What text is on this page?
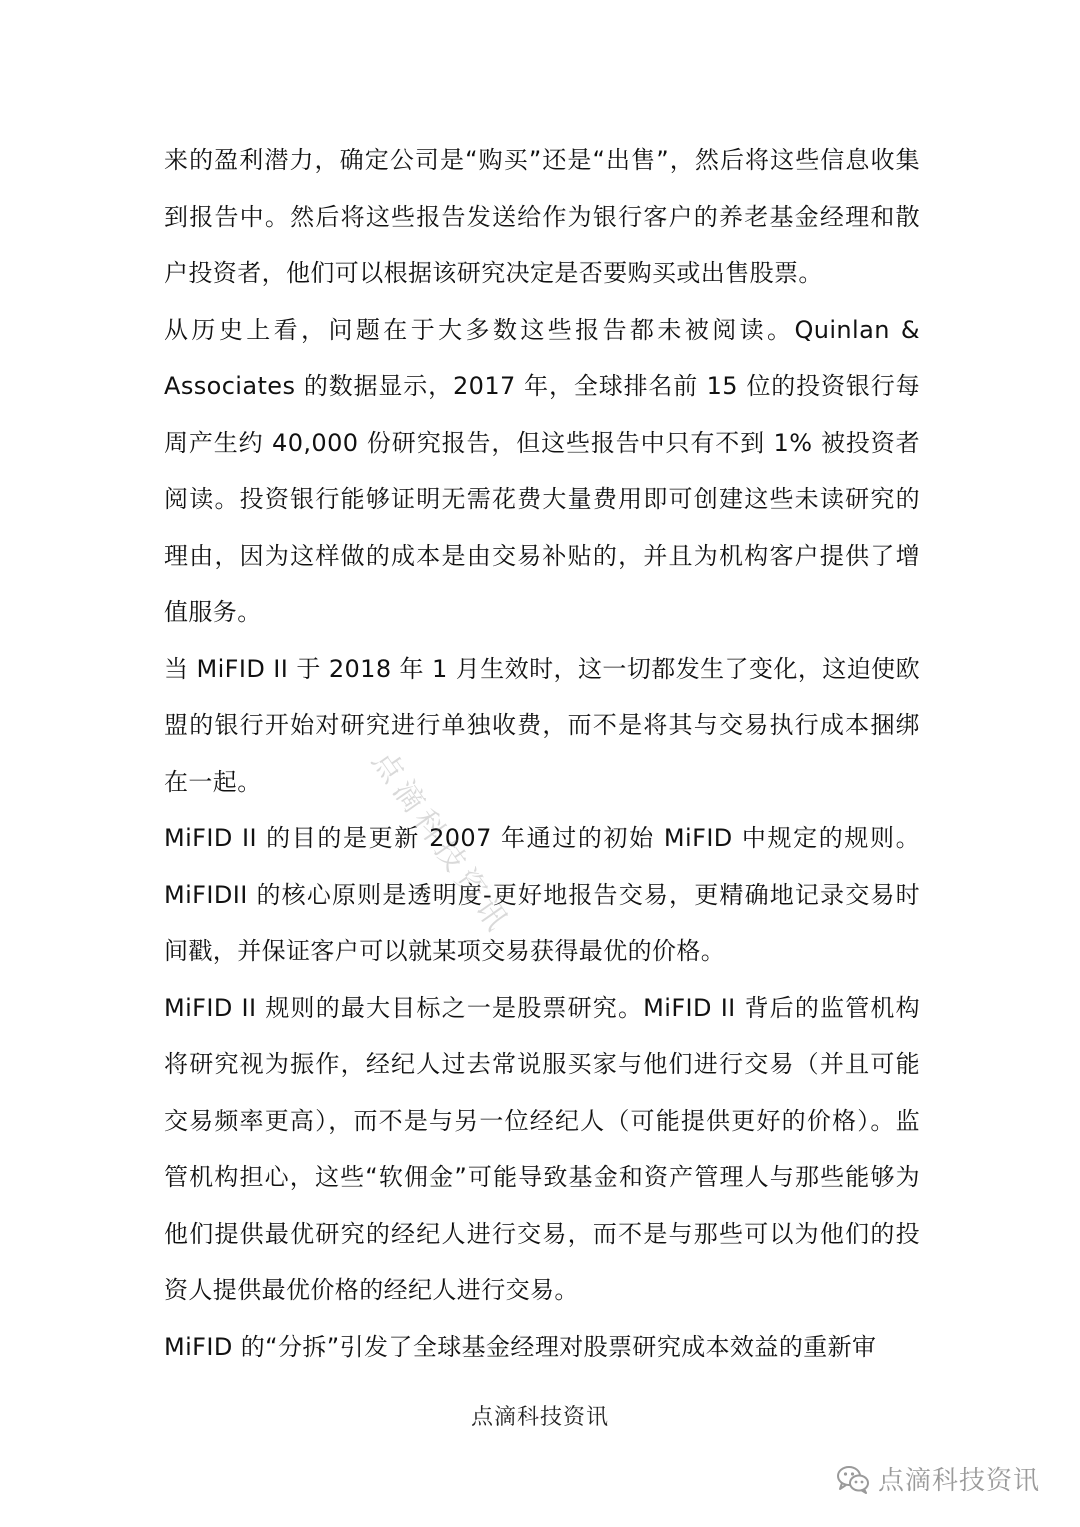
来的盈利潜力，确定公司是“购买”还是“出售”，然后将这些信息收集到报告中。然后将这些报告发送给作为银行客户的养老基金经理和散户投资者，他们可以根据该研究决定是否要购买或出售股票。

从历史上看，问题在于大多数这些报告都未被阅读。Quinlan & Associates 的数据显示，2017 年，全球排名前 15 位的投资银行每周产生约 40,000 份研究报告，但这些报告中只有不到 1% 被投资者阅读。投资银行能够证明无需花费大量费用即可创建这些未读研究的理由，因为这样做的成本是由交易补贴的，并且为机构客户提供了增值服务。

当 MiFID II 于 2018 年 1 月生效时，这一切都发生了变化，这迫使欧盟的银行开始对研究进行单独收费，而不是将其与交易执行成本捆绑在一起。

MiFID II 的目的是更新 2007 年通过的初始 MiFID 中规定的规则。MiFIDII 的核心原则是透明度-更好地报告交易，更精确地记录交易时间戳，并保证客户可以就某项交易获得最优的价格。

MiFID II 规则的最大目标之一是股票研究。MiFID II 背后的监管机构将研究视为振作，经纪人过去常说服买家与他们进行交易（并且可能交易频率更高），而不是与另一位经纪人（可能提供更好的价格）。监管机构担心，这些“软佣金”可能导致基金和资产管理人与那些能够为他们提供最优研究的经纪人进行交易，而不是与那些可以为他们的投资人提供最优价格的经纪人进行交易。

MiFID 的“分拆”引发了全球基金经理对股票研究成本效益的重新审

点滴科技资讯
点滴科技资讯
点滴科技资讯
